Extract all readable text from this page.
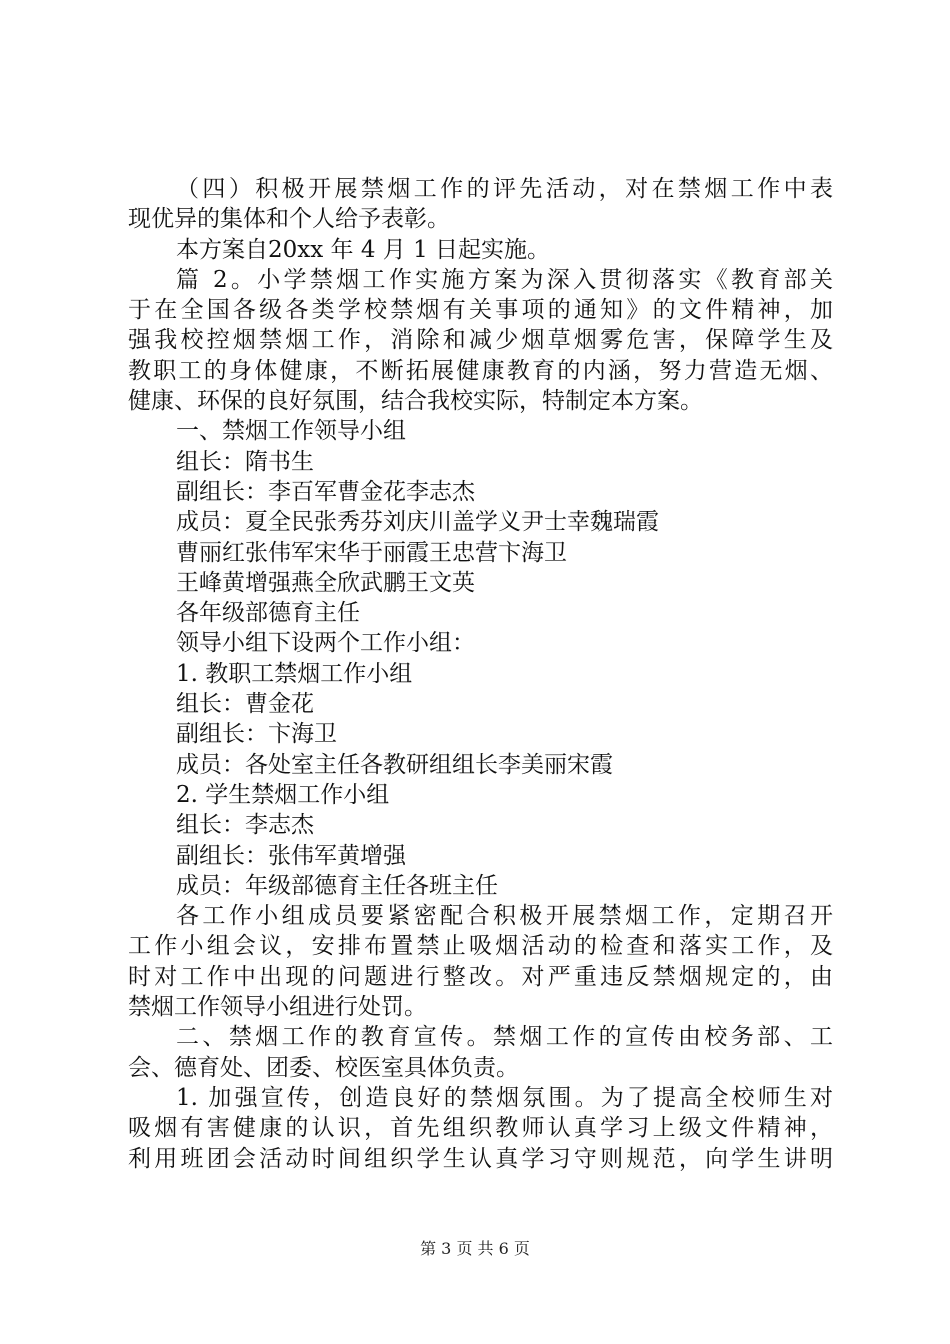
（四）积极开展禁烟工作的评先活动，对在禁烟工作中表
现优异的集体和个人给予表彰。
本方案自20xx 年 4 月 1 日起实施。
篇 2。小学禁烟工作实施方案为深入贯彻落实《教育部关
于在全国各级各类学校禁烟有关事项的通知》的文件精神，加
强我校控烟禁烟工作，消除和减少烟草烟雾危害，保障学生及
教职工的身体健康，不断拓展健康教育的内涵，努力营造无烟、
健康、环保的良好氛围，结合我校实际，特制定本方案。
一、禁烟工作领导小组
组长：隋书生
副组长：李百军曹金花李志杰
成员：夏全民张秀芬刘庆川盖学义尹士幸魏瑞霞
曹丽红张伟军宋华于丽霞王忠营卞海卫
王峰黄增强燕全欣武鹏王文英
各年级部德育主任
领导小组下设两个工作小组：
1. 教职工禁烟工作小组
组长：曹金花
副组长：卞海卫
成员：各处室主任各教研组组长李美丽宋霞
2. 学生禁烟工作小组
组长：李志杰
副组长：张伟军黄增强
成员：年级部德育主任各班主任
各工作小组成员要紧密配合积极开展禁烟工作，定期召开
工作小组会议，安排布置禁止吸烟活动的检查和落实工作，及
时对工作中出现的问题进行整改。对严重违反禁烟规定的，由
禁烟工作领导小组进行处罚。
二、禁烟工作的教育宣传。禁烟工作的宣传由校务部、工
会、德育处、团委、校医室具体负责。
1. 加强宣传，创造良好的禁烟氛围。为了提高全校师生对
吸烟有害健康的认识，首先组织教师认真学习上级文件精神，
利用班团会活动时间组织学生认真学习守则规范，向学生讲明
第 3 页 共 6 页
